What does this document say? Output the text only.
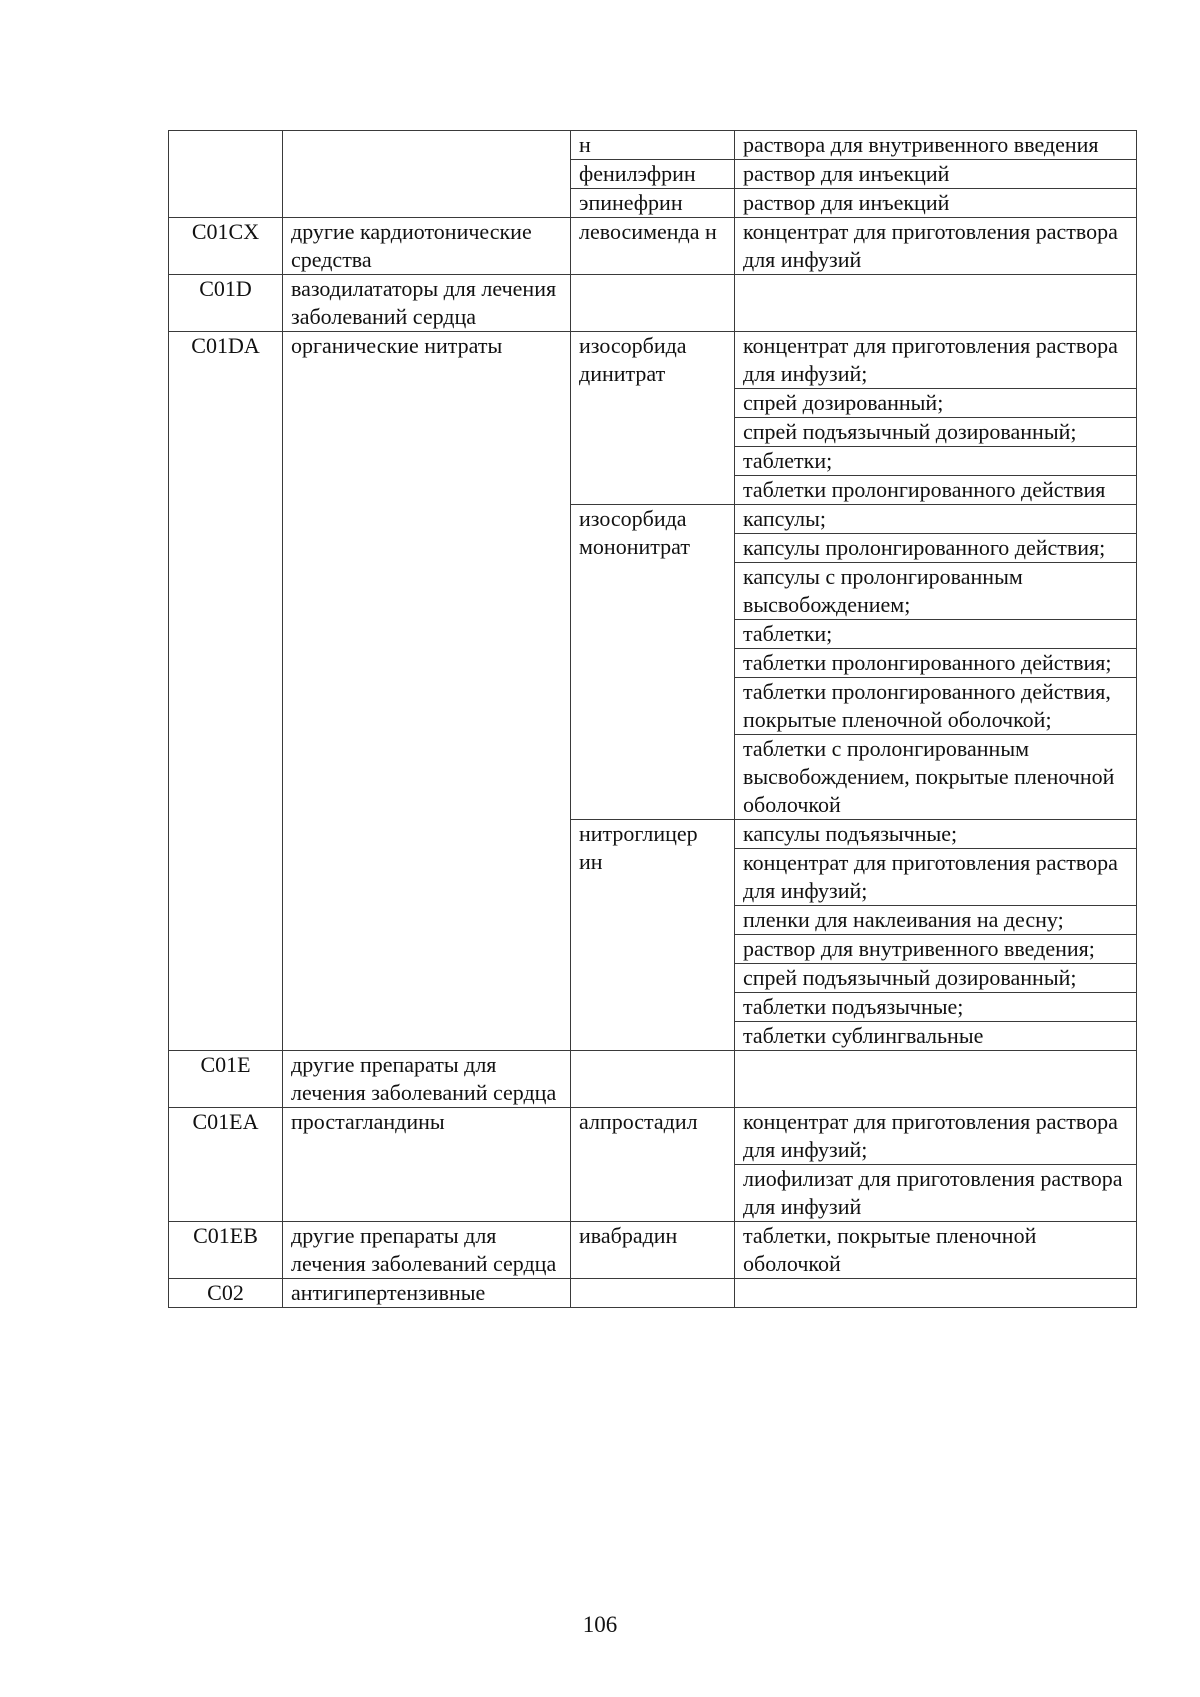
		н	раствора для внутривенного введения
		фенилэфрин	раствор для инъекций
		эпинефрин	раствор для инъекций
C01CX	другие кардиотонические средства	левосименда н	концентрат для приготовления раствора для инфузий
C01D	вазодилататоры для лечения заболеваний сердца		
C01DA	органические нитраты	изосорбида динитрат	концентрат для приготовления раствора для инфузий;
			спрей дозированный;
			спрей подъязычный дозированный;
			таблетки;
			таблетки пролонгированного действия
		изосорбида мононитрат	капсулы;
			капсулы пролонгированного действия;
			капсулы с пролонгированным высвобождением;
			таблетки;
			таблетки пролонгированного действия;
			таблетки пролонгированного действия, покрытые пленочной оболочкой;
			таблетки с пролонгированным высвобождением, покрытые пленочной оболочкой
		нитроглицер ин	капсулы подъязычные;
			концентрат для приготовления раствора для инфузий;
			пленки для наклеивания на десну;
			раствор для внутривенного введения;
			спрей подъязычный дозированный;
			таблетки подъязычные;
			таблетки сублингвальные
C01E	другие препараты для лечения заболеваний сердца		
C01EA	простагландины	алпростадил	концентрат для приготовления раствора для инфузий;
			лиофилизат для приготовления раствора для инфузий
C01EB	другие препараты для лечения заболеваний сердца	ивабрадин	таблетки, покрытые пленочной оболочкой
C02	антигипертензивные		
106
